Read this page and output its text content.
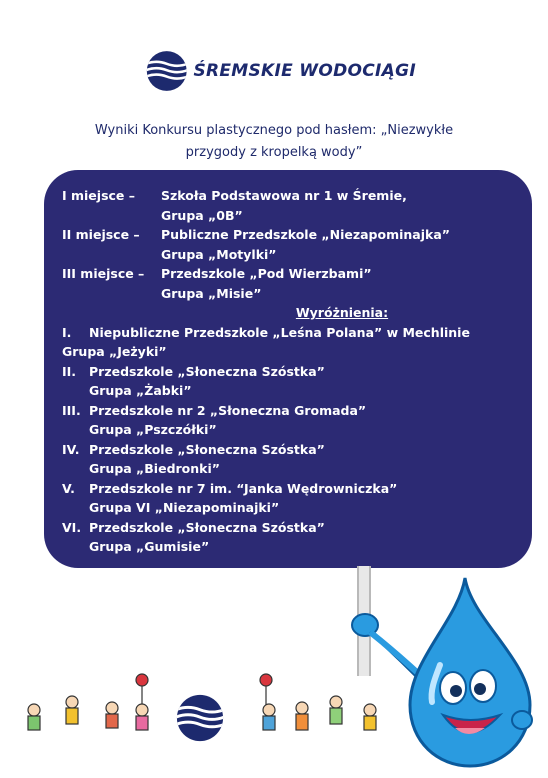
ŚREMSKIE WODOCIĄGI
Wyniki Konkursu plastycznego pod hasłem: „Niezwykłe
przygody z kropelką wody”
I miejsce –	Szkoła Podstawowa nr 1 w Śremie,
Grupa „0B”
II miejsce –	Publiczne Przedszkole „Niezapominajka”
Grupa „Motylki”
III miejsce –	Przedszkole „Pod Wierzbami”
Grupa „Misie”
Wyróżnienia:
I.	Niepubliczne Przedszkole „Leśna Polana” w Mechlinie
Grupa „Jeżyki”
II.	Przedszkole „Słoneczna Szóstka”
Grupa „Żabki”
III. Przedszkole nr 2 „Słoneczna Gromada”
Grupa „Pszczółki”
IV. Przedszkole „Słoneczna Szóstka”
Grupa „Biedronki”
V.	Przedszkole nr 7 im. “Janka Wędrowniczka”
Grupa VI „Niezapominajki”
VI. Przedszkole „Słoneczna Szóstka”
Grupa „Gumisie”
